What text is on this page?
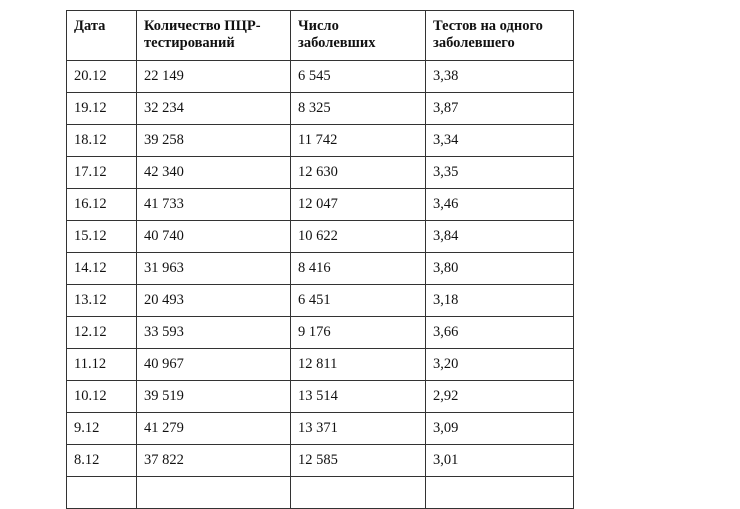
Дата	Количество ПЦР-тестирований	Число заболевших	Тестов на одного заболевшего
20.12	22 149	6 545	3,38
19.12	32 234	8 325	3,87
18.12	39 258	11 742	3,34
17.12	42 340	12 630	3,35
16.12	41 733	12 047	3,46
15.12	40 740	10 622	3,84
14.12	31 963	8 416	3,80
13.12	20 493	6 451	3,18
12.12	33 593	9 176	3,66
11.12	40 967	12 811	3,20
10.12	39 519	13 514	2,92
9.12	41 279	13 371	3,09
8.12	37 822	12 585	3,01
